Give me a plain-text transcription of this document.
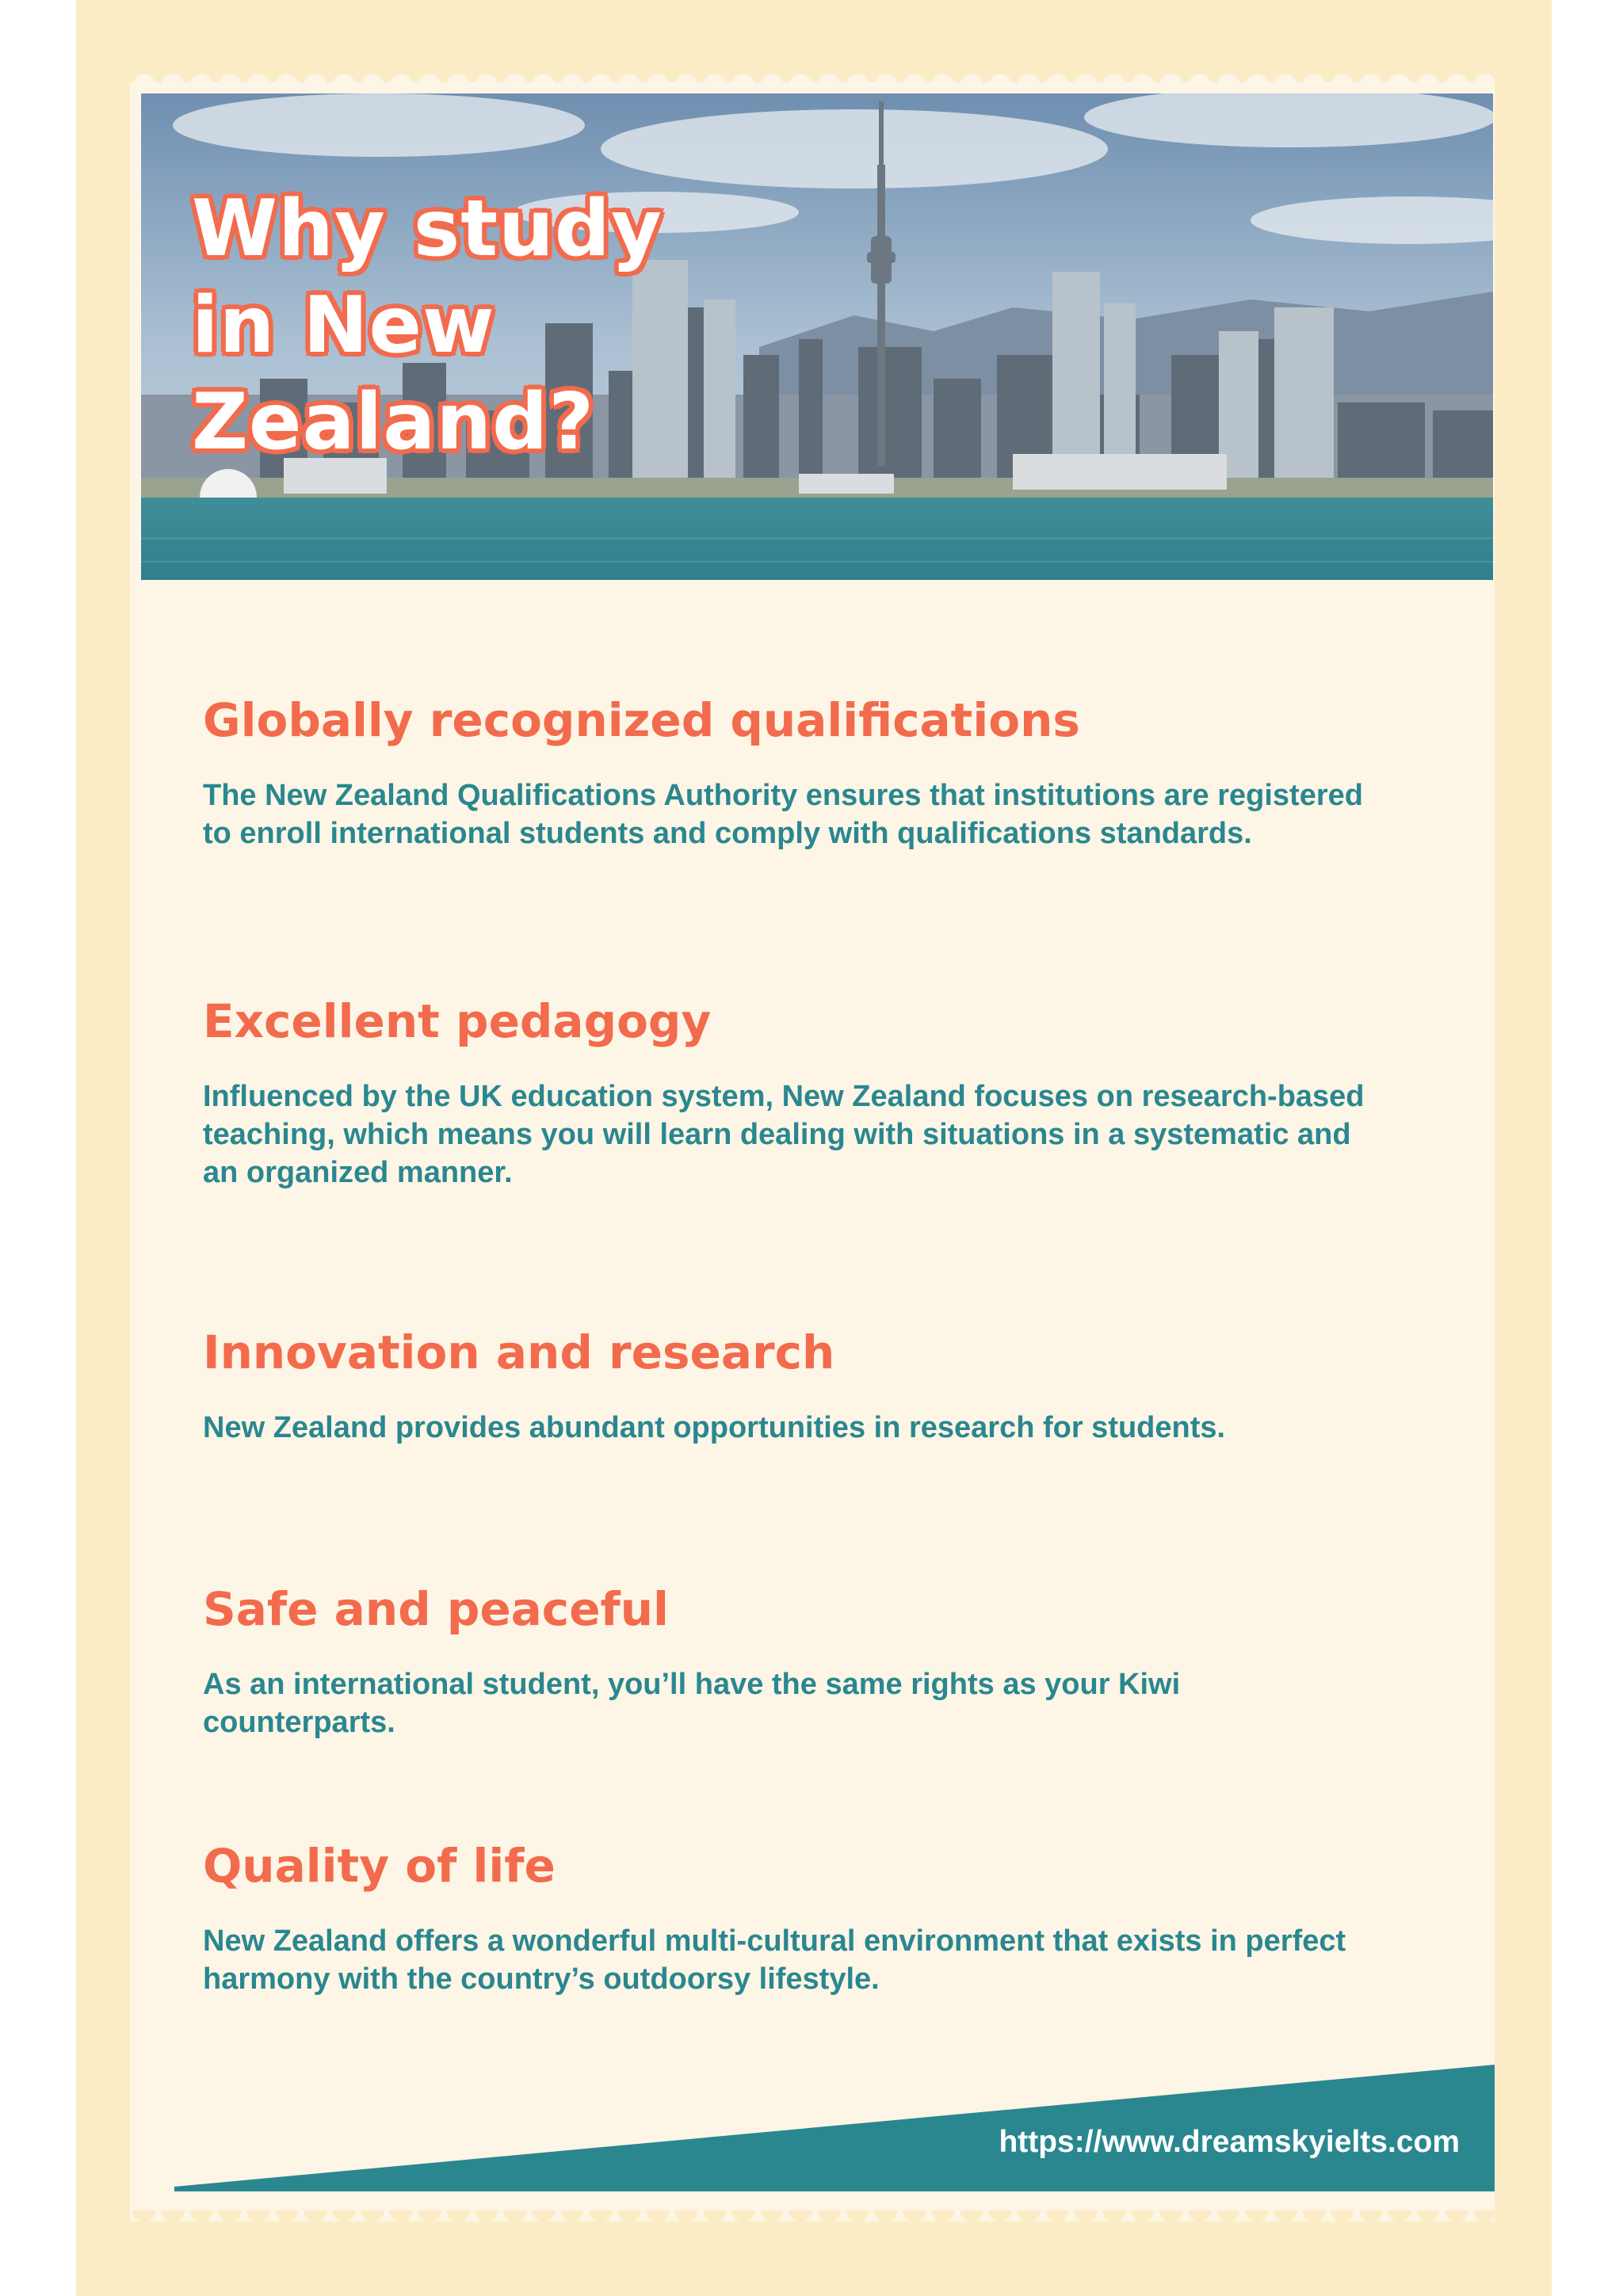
Why study
in New
Zealand?
Globally recognized qualifications

The New Zealand Qualifications Authority ensures that institutions are registered
to enroll international students and comply with qualifications standards.

Excellent pedagogy

Influenced by the UK education system, New Zealand focuses on research-based
teaching, which means you will learn dealing with situations in a systematic and
an organized manner.

Innovation and research

New Zealand provides abundant opportunities in research for students.

Safe and peaceful

As an international student, you’ll have the same rights as your Kiwi
counterparts.

Quality of life

New Zealand offers a wonderful multi-cultural environment that exists in perfect
harmony with the country’s outdoorsy lifestyle.

https://www.dreamskyielts.com
